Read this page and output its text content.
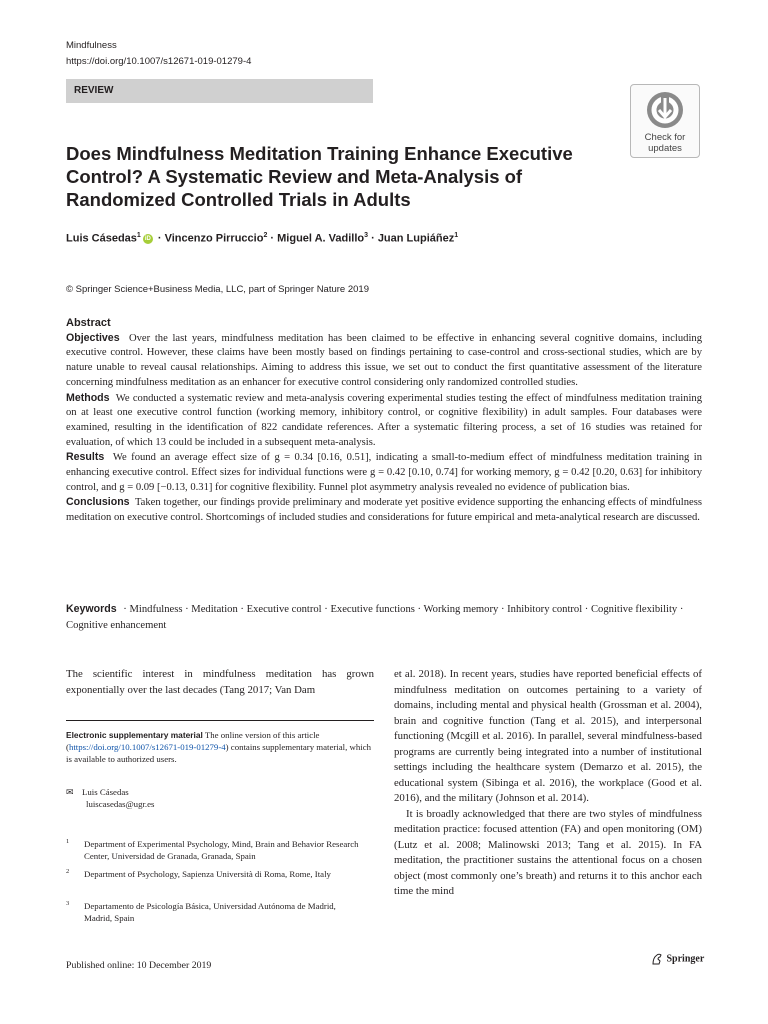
Mindfulness
https://doi.org/10.1007/s12671-019-01279-4
REVIEW
Check for updates
Does Mindfulness Meditation Training Enhance Executive Control? A Systematic Review and Meta-Analysis of Randomized Controlled Trials in Adults
Luis Cásedas$^1$ iD · Vincenzo Pirruccio$^2$ · Miguel A. Vadillo$^3$ · Juan Lupiáñez$^1$
© Springer Science+Business Media, LLC, part of Springer Nature 2019

Abstract

Objectives Over the last years, mindfulness meditation has been claimed to be effective in enhancing several cognitive domains, including executive control. However, these claims have been mostly based on findings pertaining to case-control and cross-sectional studies, which are by nature unable to reveal causal relationships. Aiming to address this issue, we set out to conduct the first quantitative assessment of the literature concerning mindfulness meditation as an enhancer for executive control considering only randomized controlled studies.

Methods We conducted a systematic review and meta-analysis covering experimental studies testing the effect of mindfulness meditation training on at least one executive control function (working memory, inhibitory control, or cognitive flexibility) in adult samples. Four databases were examined, resulting in the identification of 822 candidate references. After a systematic filtering process, a set of 16 studies was retained for evaluation, of which 13 could be included in a subsequent meta-analysis.

Results We found an average effect size of g = 0.34 [0.16, 0.51], indicating a small-to-medium effect of mindfulness meditation training in enhancing executive control. Effect sizes for individual functions were g = 0.42 [0.10, 0.74] for working memory, g = 0.42 [0.20, 0.63] for inhibitory control, and g = 0.09 [−0.13, 0.31] for cognitive flexibility. Funnel plot asymmetry analysis revealed no evidence of publication bias.

Conclusions Taken together, our findings provide preliminary and moderate yet positive evidence supporting the enhancing effects of mindfulness meditation on executive control. Shortcomings of included studies and considerations for future empirical and meta-analytical research are discussed.

Keywords · Mindfulness · Meditation · Executive control · Executive functions · Working memory · Inhibitory control · Cognitive flexibility· Cognitive enhancement

The scientific interest in mindfulness meditation has grown exponentially over the last decades (Tang 2017; Van Dam

et al. 2018). In recent years, studies have reported beneficial effects of mindfulness meditation on outcomes pertaining to a variety of domains, including mental and physical health (Grossman et al. 2004), brain and cognitive function (Tang et al. 2015), and interpersonal functioning (Mcgill et al. 2016). In parallel, several mindfulness-based programs are currently being integrated into a number of institutional settings including the healthcare system (Demarzo et al. 2015), the educational system (Sibinga et al. 2016), the workplace (Good et al. 2016), and the military (Johnson et al. 2014).

It is broadly acknowledged that there are two styles of mindfulness meditation practice: focused attention (FA) and open monitoring (OM) (Lutz et al. 2008; Malinowski 2013; Tang et al. 2015). In FA meditation, the practitioner sustains the attentional focus on a chosen object (most commonly one’s breath) and returns it to this anchor each time the mind

Electronic supplementary material The online version of this article (https://doi.org/10.1007/s12671-019-01279-4) contains supplementary material, which is available to authorized users.
✉ Luis Cásedas
luiscasedas@ugr.es
1	Department of Experimental Psychology, Mind, Brain and Behavior Research Center, Universidad de Granada, Granada, Spain
2	Department of Psychology, Sapienza Università di Roma, Rome, Italy
3	Departamento de Psicología Básica, Universidad Autónoma de Madrid, Madrid, Spain
Published online: 10 December 2019
Springer
